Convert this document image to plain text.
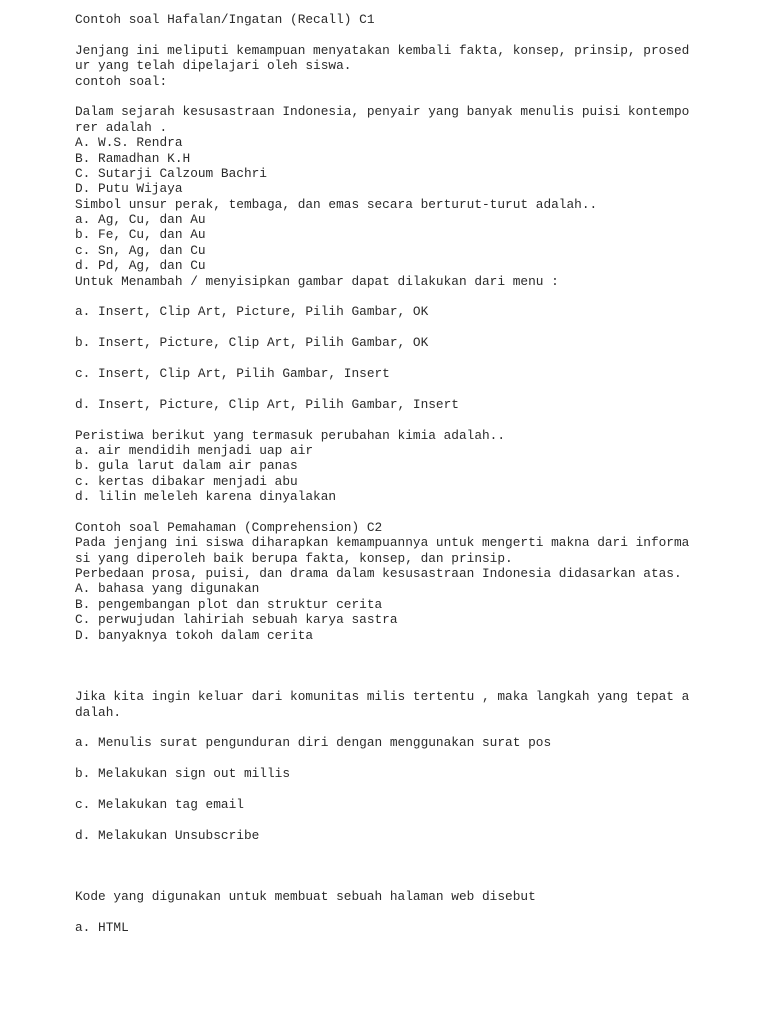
Contoh soal Hafalan/Ingatan (Recall) C1
Jenjang ini meliputi kemampuan menyatakan kembali fakta, konsep, prinsip, prosed
ur yang telah dipelajari oleh siswa.
contoh soal:
Dalam sejarah kesusastraan Indonesia, penyair yang banyak menulis puisi kontempo
rer adalah .
A. W.S. Rendra
B. Ramadhan K.H
C. Sutarji Calzoum Bachri
D. Putu Wijaya
Simbol unsur perak, tembaga, dan emas secara berturut-turut adalah..
a. Ag, Cu, dan Au
b. Fe, Cu, dan Au
c. Sn, Ag, dan Cu
d. Pd, Ag, dan Cu
Untuk Menambah / menyisipkan gambar dapat dilakukan dari menu :
a. Insert, Clip Art, Picture, Pilih Gambar, OK
b. Insert, Picture, Clip Art, Pilih Gambar, OK
c. Insert, Clip Art, Pilih Gambar, Insert
d. Insert, Picture, Clip Art, Pilih Gambar, Insert
Peristiwa berikut yang termasuk perubahan kimia adalah..
a. air mendidih menjadi uap air
b. gula larut dalam air panas
c. kertas dibakar menjadi abu
d. lilin meleleh karena dinyalakan
Contoh soal Pemahaman (Comprehension) C2
Pada jenjang ini siswa diharapkan kemampuannya untuk mengerti makna dari informa
si yang diperoleh baik berupa fakta, konsep, dan prinsip.
Perbedaan prosa, puisi, dan drama dalam kesusastraan Indonesia didasarkan atas.
A. bahasa yang digunakan
B. pengembangan plot dan struktur cerita
C. perwujudan lahiriah sebuah karya sastra
D. banyaknya tokoh dalam cerita
Jika kita ingin keluar dari komunitas milis tertentu , maka langkah yang tepat a
dalah.
a. Menulis surat pengunduran diri dengan menggunakan surat pos
b. Melakukan sign out millis
c. Melakukan tag email
d. Melakukan Unsubscribe
Kode yang digunakan untuk membuat sebuah halaman web disebut
a. HTML
